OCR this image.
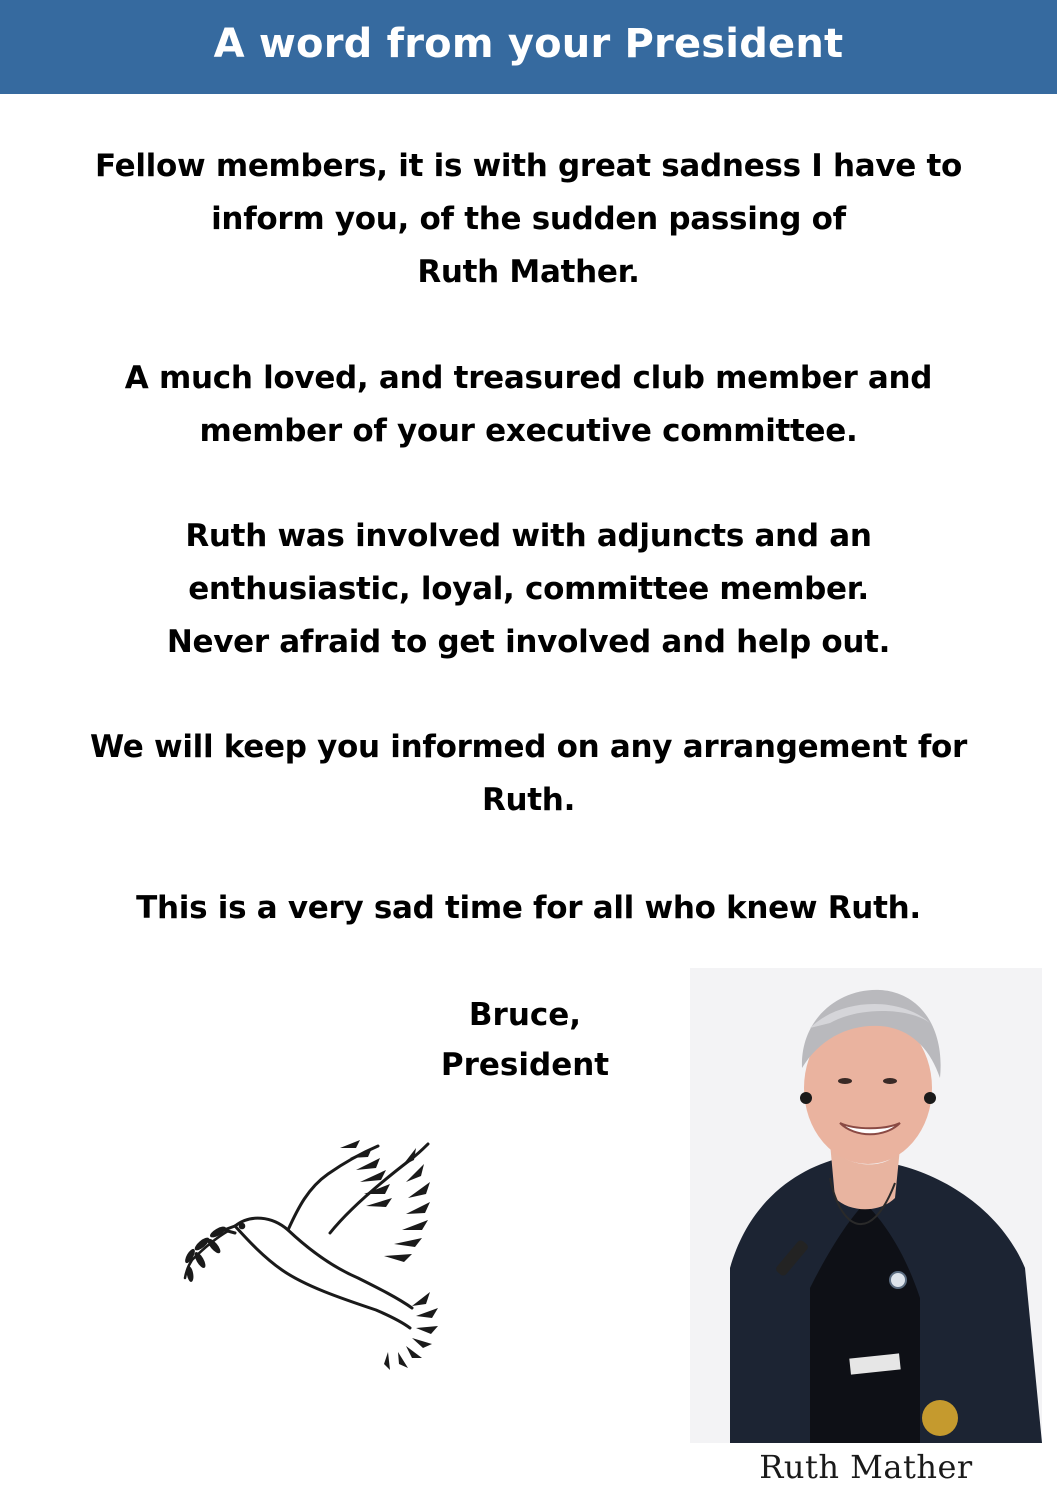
A word from your President
Fellow members, it is with great sadness I have to
inform you, of the sudden passing of
Ruth Mather.
A much loved, and treasured club member and
member of your executive committee.
Ruth was involved with adjuncts and an
enthusiastic, loyal, committee member.
Never afraid to get involved and help out.
We will keep you informed on any arrangement for
Ruth.
This is a very sad time for all who knew Ruth.
Bruce,
President
Ruth Mather
